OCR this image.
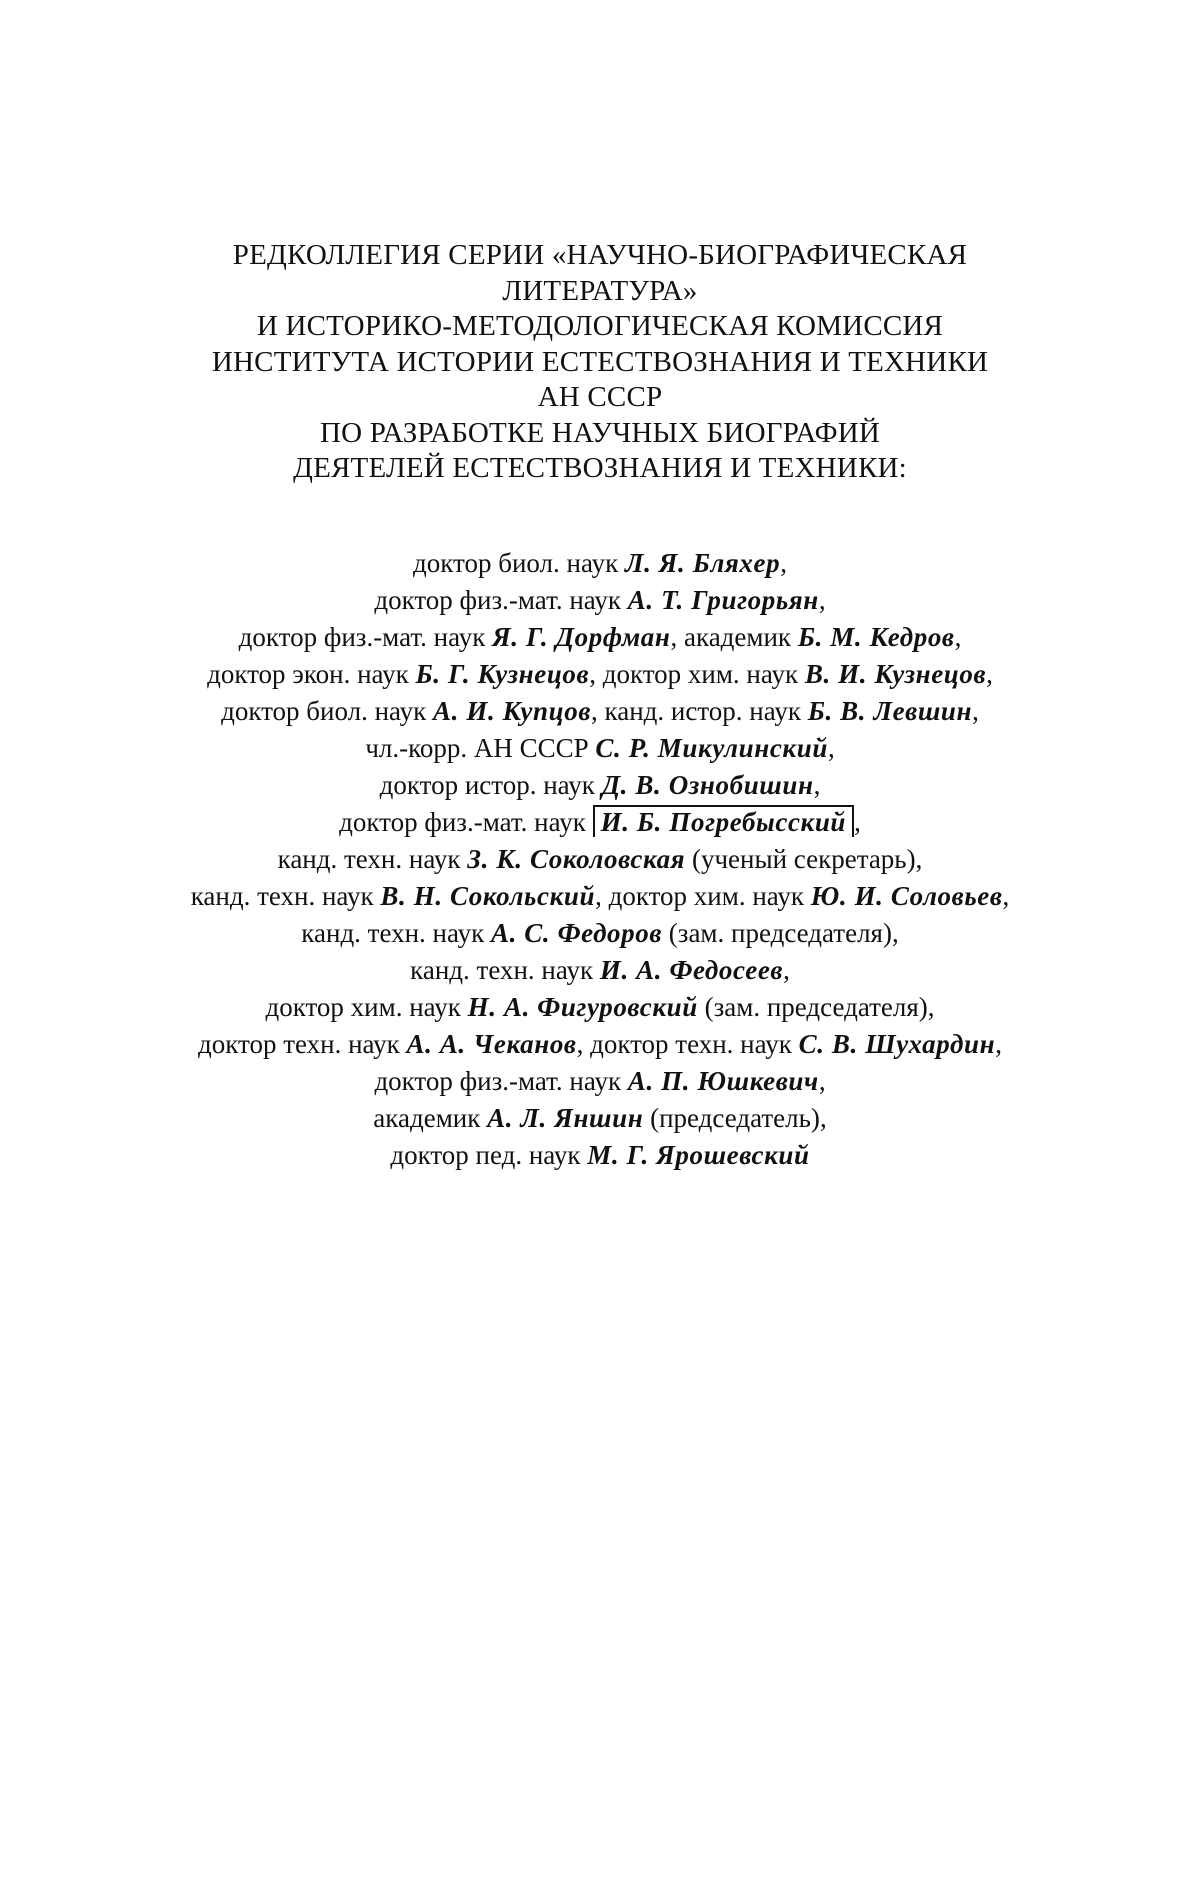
РЕДКОЛЛЕГИЯ СЕРИИ «НАУЧНО-БИОГРАФИЧЕСКАЯ
ЛИТЕРАТУРА»
И ИСТОРИКО-МЕТОДОЛОГИЧЕСКАЯ КОМИССИЯ
ИНСТИТУТА ИСТОРИИ ЕСТЕСТВОЗНАНИЯ И ТЕХНИКИ
АН СССР
ПО РАЗРАБОТКЕ НАУЧНЫХ БИОГРАФИЙ
ДЕЯТЕЛЕЙ ЕСТЕСТВОЗНАНИЯ И ТЕХНИКИ:
доктор биол. наук Л. Я. Бляхер,
доктор физ.-мат. наук А. Т. Григорьян,
доктор физ.-мат. наук Я. Г. Дорфман, академик Б. М. Кедров,
доктор экон. наук Б. Г. Кузнецов, доктор хим. наук В. И. Кузнецов,
доктор биол. наук А. И. Купцов, канд. истор. наук Б. В. Левшин,
чл.-корр. АН СССР С. Р. Микулинский,
доктор истор. наук Д. В. Ознобишин,
доктор физ.-мат. наук И. Б. Погребысский ,
канд. техн. наук З. К. Соколовская (ученый секретарь),
канд. техн. наук В. Н. Сокольский, доктор хим. наук Ю. И. Соловьев,
канд. техн. наук А. С. Федоров (зам. председателя),
канд. техн. наук И. А. Федосеев,
доктор хим. наук Н. А. Фигуровский (зам. председателя),
доктор техн. наук А. А. Чеканов, доктор техн. наук С. В. Шухардин,
доктор физ.-мат. наук А. П. Юшкевич,
академик А. Л. Яншин (председатель),
доктор пед. наук М. Г. Ярошевский
